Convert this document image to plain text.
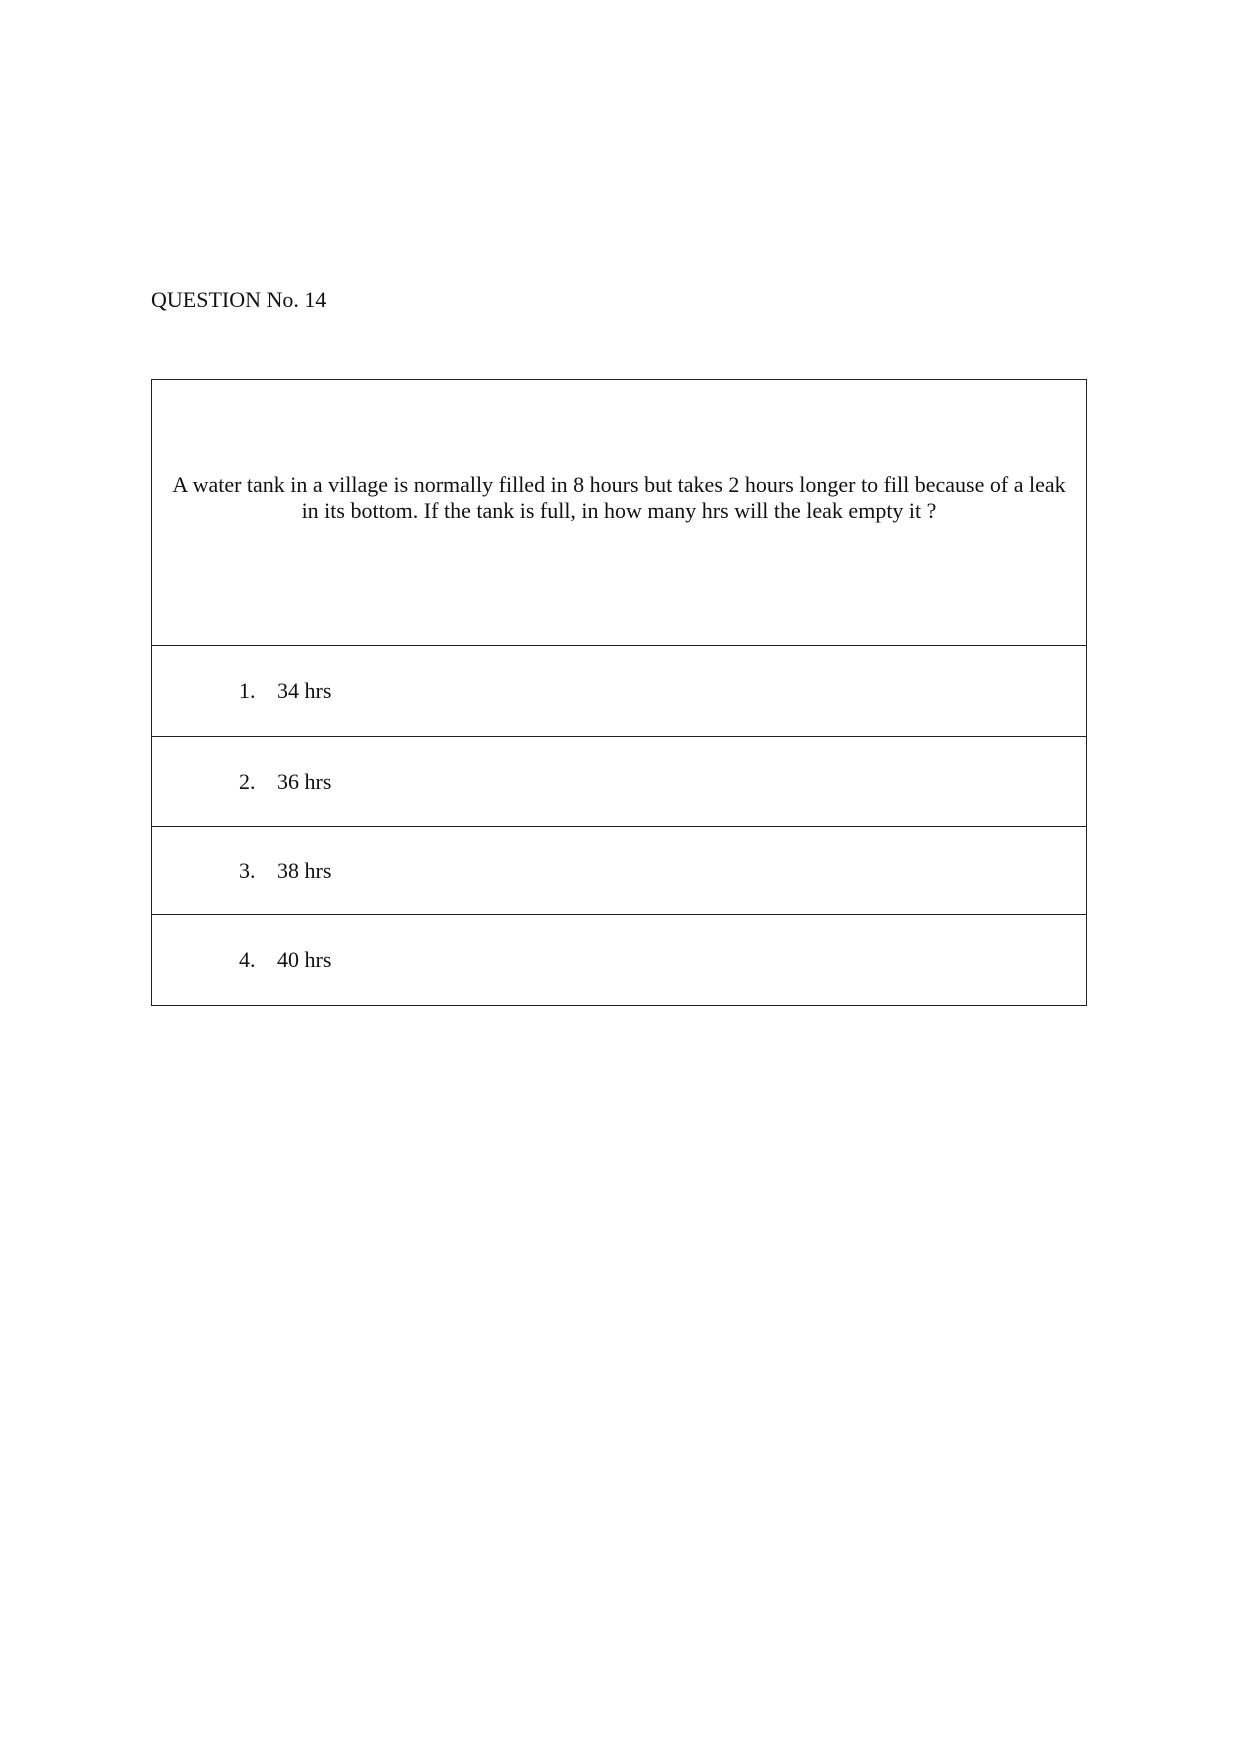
QUESTION No. 14
A water tank in a village is normally filled in 8 hours but takes 2 hours longer to fill because of a leak in its bottom. If the tank is full, in how many hrs will the leak empty it ?
1. 34 hrs
2. 36 hrs
3. 38 hrs
4. 40 hrs
